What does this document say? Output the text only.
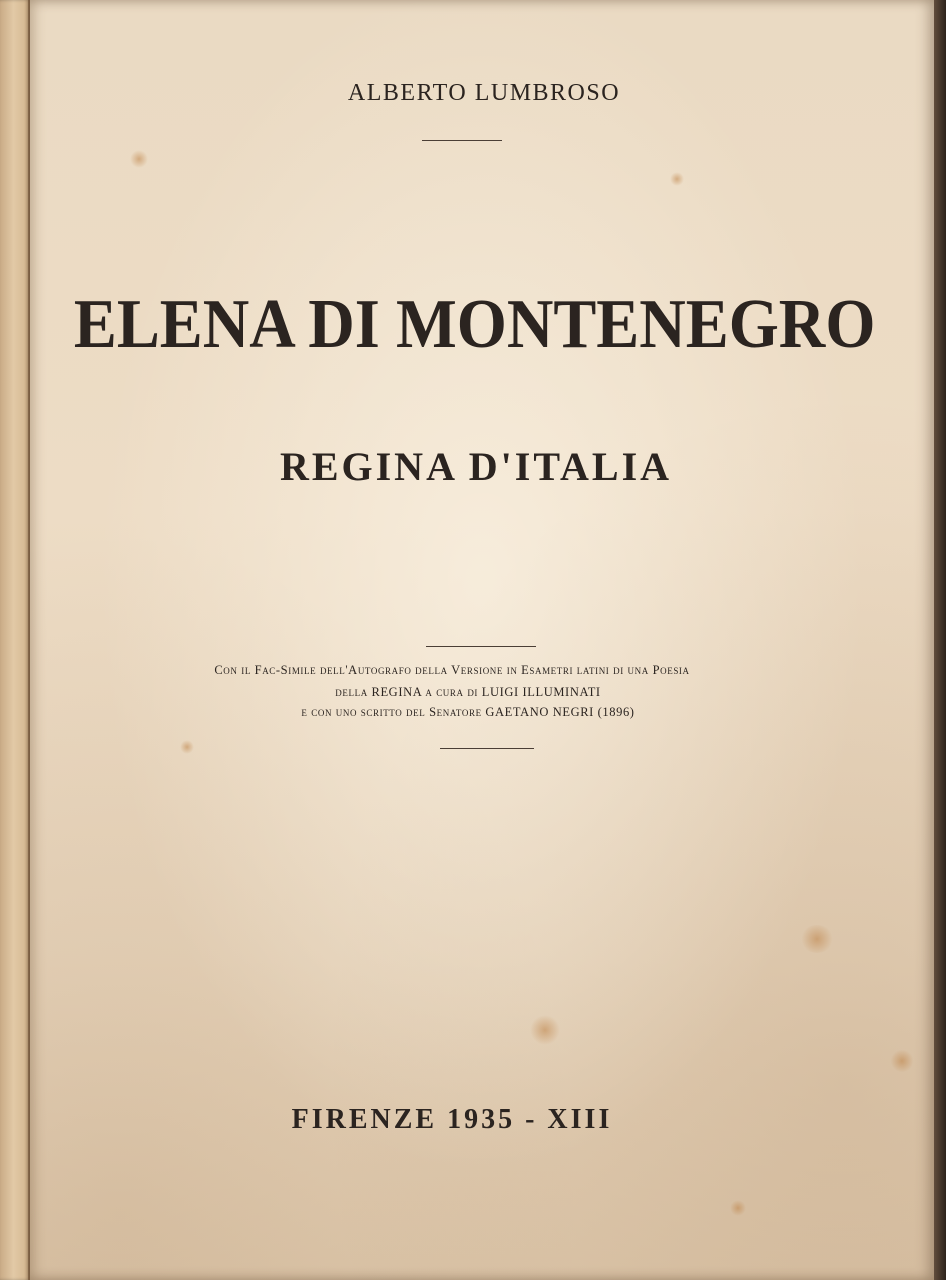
ALBERTO LUMBROSO
ELENA DI MONTENEGRO
REGINA D'ITALIA
Con il Fac-Simile dell'Autografo della Versione in Esametri latini di una Poesia
della REGINA a cura di LUIGI ILLUMINATI
e con uno scritto del Senatore GAETANO NEGRI (1896)
FIRENZE 1935 - XIII
